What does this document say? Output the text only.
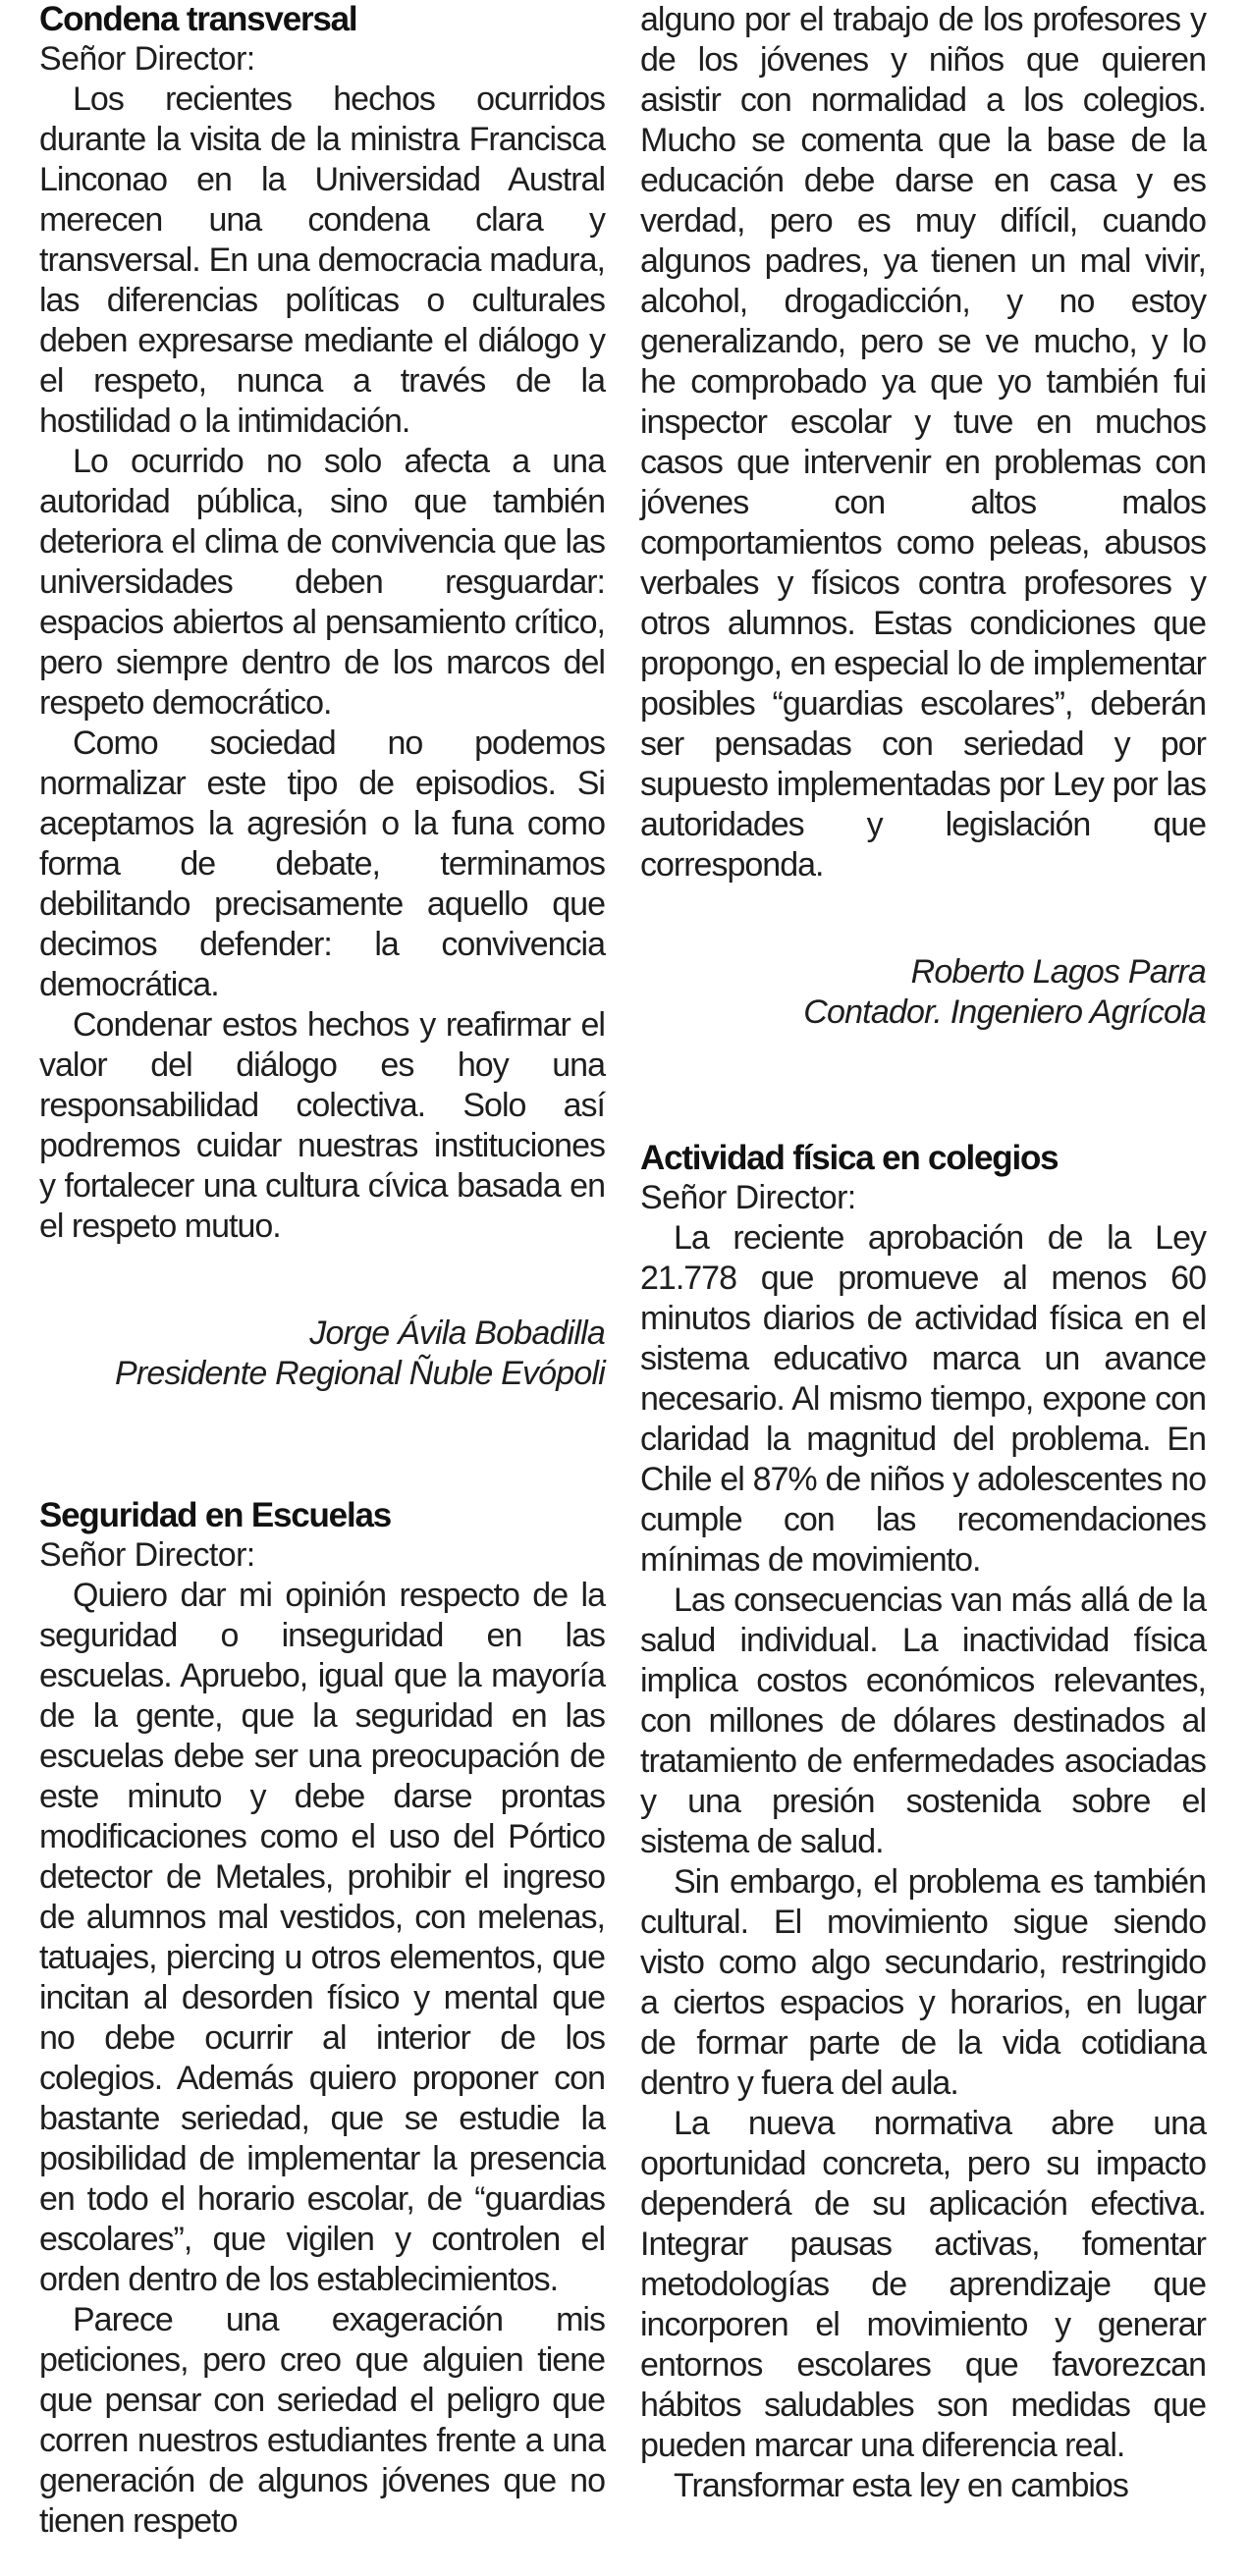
Condena transversal

Señor Director:

Los recientes hechos ocurridos durante la visita de la ministra Francisca Linconao en la Universidad Austral merecen una condena clara y transversal. En una democracia madura, las diferencias políticas o culturales deben expresarse mediante el diálogo y el respeto, nunca a través de la hostilidad o la intimidación.

Lo ocurrido no solo afecta a una autoridad pública, sino que también deteriora el clima de convivencia que las universidades deben resguardar: espacios abiertos al pensamiento crítico, pero siempre dentro de los marcos del respeto democrático.

Como sociedad no podemos normalizar este tipo de episodios. Si aceptamos la agresión o la funa como forma de debate, terminamos debilitando precisamente aquello que decimos defender: la convivencia democrática.

Condenar estos hechos y reafirmar el valor del diálogo es hoy una responsabilidad colectiva. Solo así podremos cuidar nuestras instituciones y fortalecer una cultura cívica basada en el respeto mutuo.

Jorge Ávila Bobadilla

Presidente Regional Ñuble Evópoli

Seguridad en Escuelas

Señor Director:

Quiero dar mi opinión respecto de la seguridad o inseguridad en las escuelas. Apruebo, igual que la mayoría de la gente, que la seguridad en las escuelas debe ser una preocupación de este minuto y debe darse prontas modificaciones como el uso del Pórtico detector de Metales, prohibir el ingreso de alumnos mal vestidos, con melenas, tatuajes, piercing u otros elementos, que incitan al desorden físico y mental que no debe ocurrir al interior de los colegios. Además quiero proponer con bastante seriedad, que se estudie la posibilidad de implementar la presencia en todo el horario escolar, de “guardias escolares”, que vigilen y controlen el orden dentro de los establecimientos.

Parece una exageración mis peticiones, pero creo que alguien tiene que pensar con seriedad el peligro que corren nuestros estudiantes frente a una generación de algunos jóvenes que no tienen respeto

alguno por el trabajo de los profesores y de los jóvenes y niños que quieren asistir con normalidad a los colegios. Mucho se comenta que la base de la educación debe darse en casa y es verdad, pero es muy difícil, cuando algunos padres, ya tienen un mal vivir, alcohol, drogadicción, y no estoy generalizando, pero se ve mucho, y lo he comprobado ya que yo también fui inspector escolar y tuve en muchos casos que intervenir en problemas con jóvenes con altos malos comportamientos como peleas, abusos verbales y físicos contra profesores y otros alumnos. Estas condiciones que propongo, en especial lo de implementar posibles “guardias escolares”, deberán ser pensadas con seriedad y por supuesto implementadas por Ley por las autoridades y legislación que corresponda.

Roberto Lagos Parra

Contador. Ingeniero Agrícola

Actividad física en colegios

Señor Director:

La reciente aprobación de la Ley 21.778 que promueve al menos 60 minutos diarios de actividad física en el sistema educativo marca un avance necesario. Al mismo tiempo, expone con claridad la magnitud del problema. En Chile el 87% de niños y adolescentes no cumple con las recomendaciones mínimas de movimiento.

Las consecuencias van más allá de la salud individual. La inactividad física implica costos económicos relevantes, con millones de dólares destinados al tratamiento de enfermedades asociadas y una presión sostenida sobre el sistema de salud.

Sin embargo, el problema es también cultural. El movimiento sigue siendo visto como algo secundario, restringido a ciertos espacios y horarios, en lugar de formar parte de la vida cotidiana dentro y fuera del aula.

La nueva normativa abre una oportunidad concreta, pero su impacto dependerá de su aplicación efectiva. Integrar pausas activas, fomentar metodologías de aprendizaje que incorporen el movimiento y generar entornos escolares que favorezcan hábitos saludables son medidas que pueden marcar una diferencia real.

Transformar esta ley en cambios
